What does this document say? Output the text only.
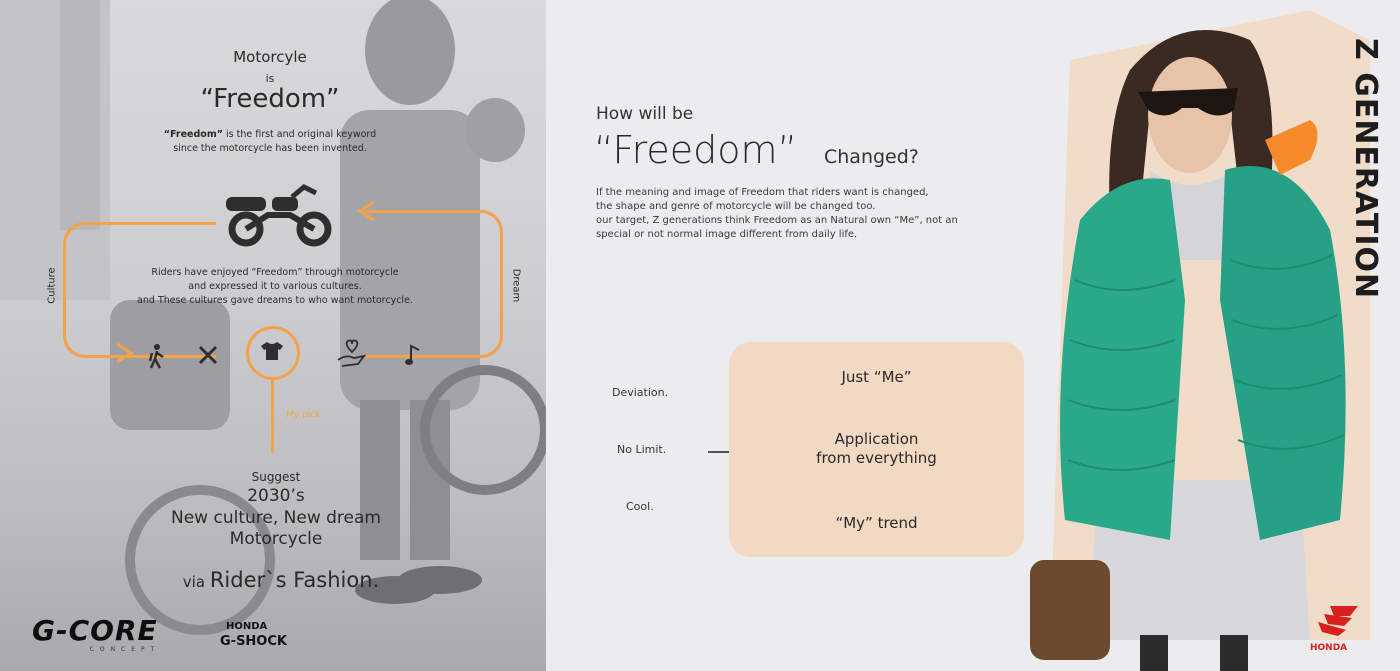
Motorcyle
is
“Freedom”
“Freedom” is the first and original keyword
since the motorcycle has been invented.
Culture	Dream
Riders have enjoyed “Freedom” through motorcycle
and expressed it to various cultures.
and These cultures gave dreams to who want motorcycle.
My pick
Suggest
2030’s
New culture, New dream
Motorcycle
via Rider`s Fashion.
G-CORE
CONCEPT
HONDA
G-SHOCK
How will be
“Freedom” Changed?
If the meaning and image of Freedom that riders want is changed,
the shape and genre of motorcycle will be changed too.
our target, Z generations think Freedom as an Natural own “Me”, not an
special or not normal image different from daily life.
Deviation.
No Limit.
Cool.
Just “Me”
Application
from everything
“My” trend
Z GENERATION
HONDA
